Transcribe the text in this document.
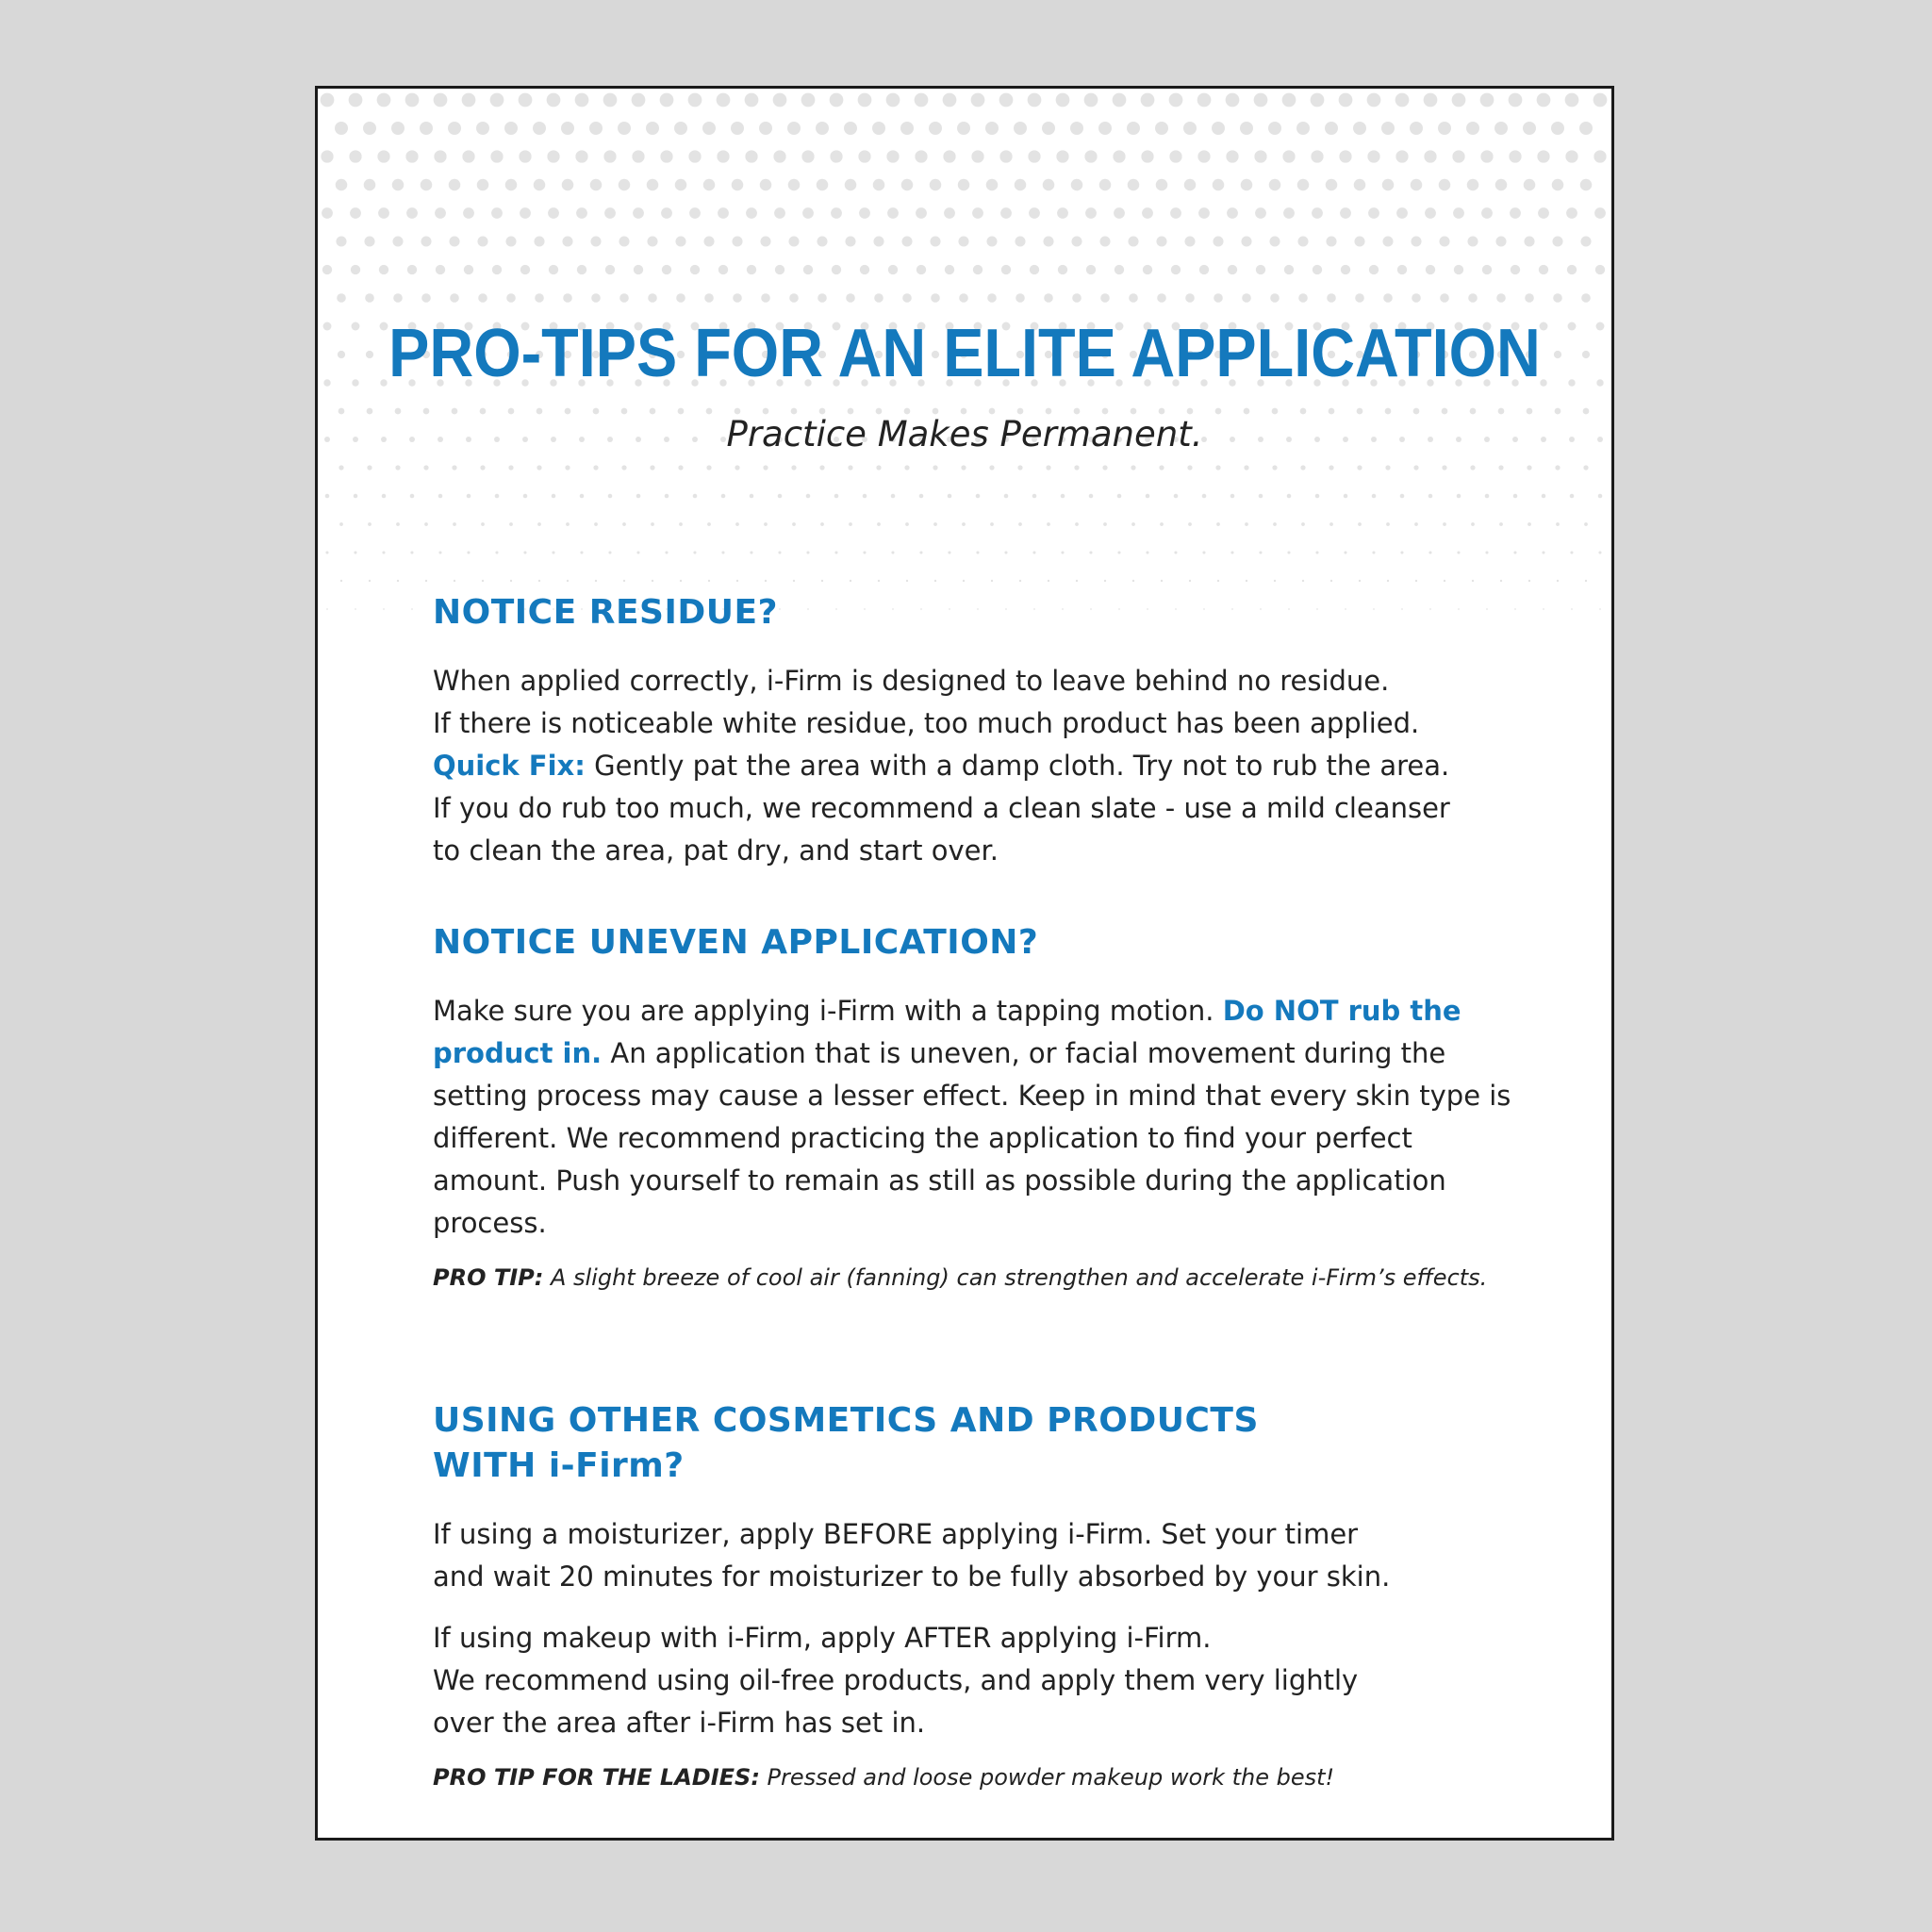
PRO-TIPS FOR AN ELITE APPLICATION

Practice Makes Permanent.

NOTICE RESIDUE?

When applied correctly, i-Firm is designed to leave behind no residue.
If there is noticeable white residue, too much product has been applied.
Quick Fix: Gently pat the area with a damp cloth. Try not to rub the area.
If you do rub too much, we recommend a clean slate - use a mild cleanser
to clean the area, pat dry, and start over.

NOTICE UNEVEN APPLICATION?

Make sure you are applying i-Firm with a tapping motion. Do NOT rub the product in. An application that is uneven, or facial movement during the setting process may cause a lesser effect. Keep in mind that every skin type is different. We recommend practicing the application to find your perfect amount. Push yourself to remain as still as possible during the application process.

PRO TIP: A slight breeze of cool air (fanning) can strengthen and accelerate i-Firm’s effects.

USING OTHER COSMETICS AND PRODUCTS
WITH i-Firm?

If using a moisturizer, apply BEFORE applying i-Firm. Set your timer
and wait 20 minutes for moisturizer to be fully absorbed by your skin.

If using makeup with i-Firm, apply AFTER applying i-Firm.
We recommend using oil-free products, and apply them very lightly
over the area after i-Firm has set in.

PRO TIP FOR THE LADIES: Pressed and loose powder makeup work the best!
